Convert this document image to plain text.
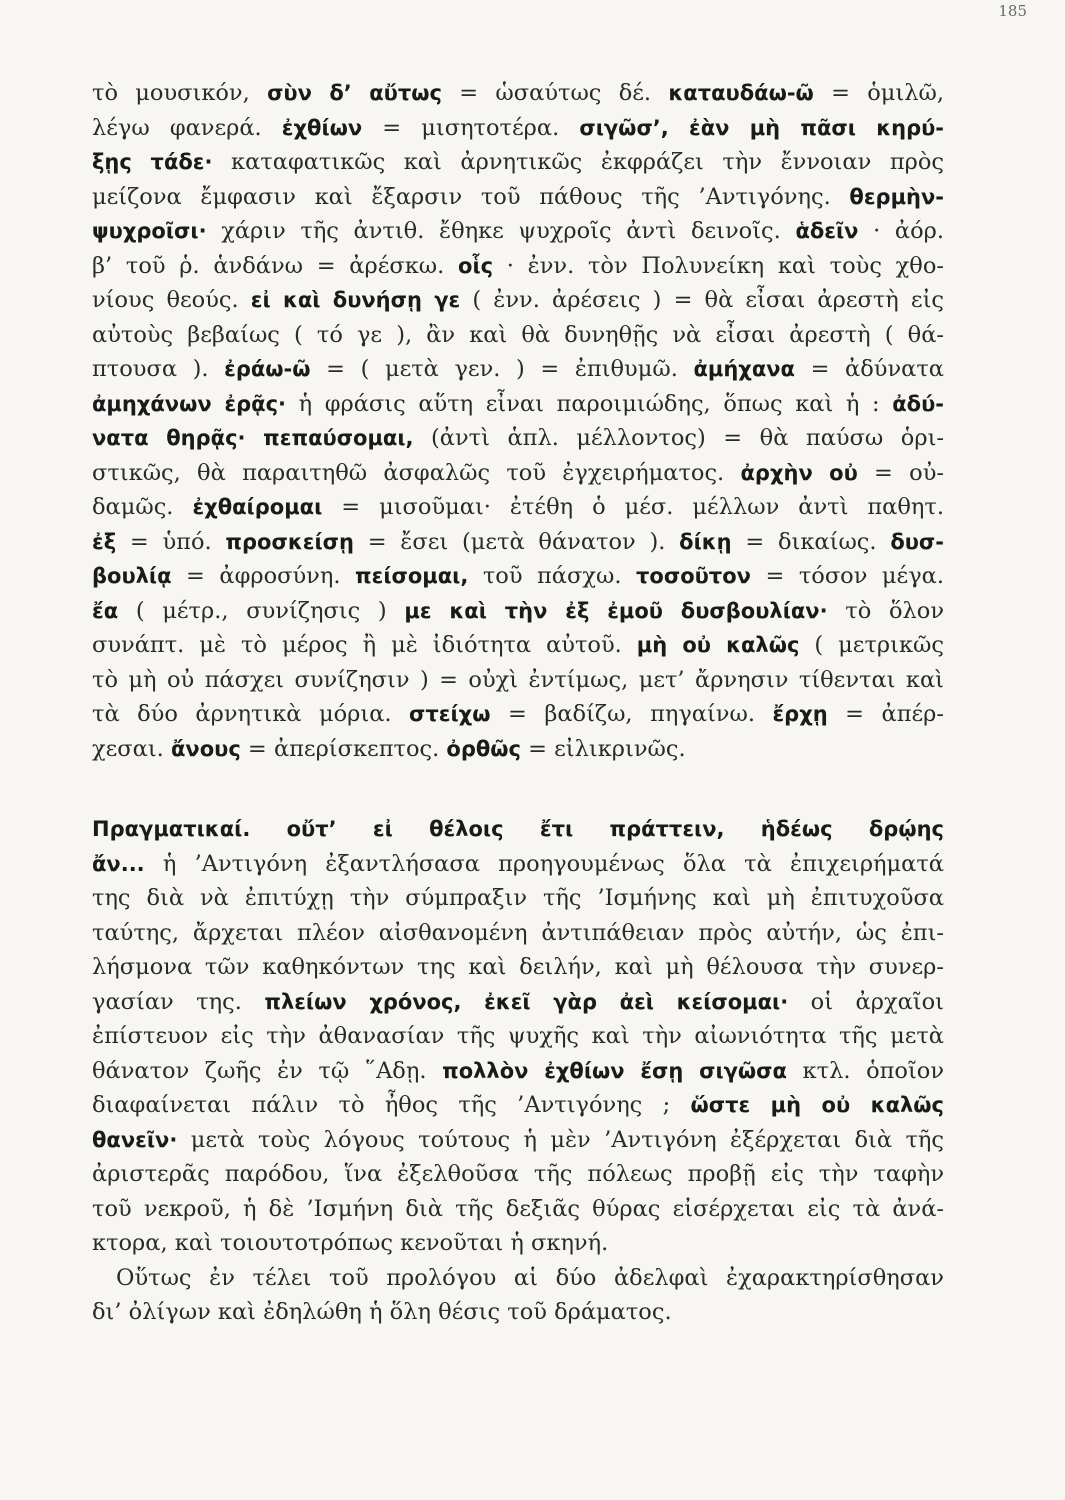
185
τὸ μουσικόν, σὺν δ’ αὔτως = ὡσαύτως δέ. καταυδάω-ῶ = ὁμιλῶ,
λέγω φανερά. ἐχθίων = μισητοτέρα. σιγῶσ’, ἐὰν μὴ πᾶσι κηρύ-
ξῃς τάδε· καταφατικῶς καὶ ἀρνητικῶς ἐκφράζει τὴν ἔννοιαν πρὸς
μείζονα ἔμφασιν καὶ ἔξαρσιν τοῦ πάθους τῆς ’Αντιγόνης. θερμὴν-
ψυχροῖσι· χάριν τῆς ἀντιθ. ἔθηκε ψυχροῖς ἀντὶ δεινοῖς. ἁδεῖν · ἀόρ.
β’ τοῦ ῥ. ἁνδάνω = ἀρέσκω. οἷς · ἐνν. τὸν Πολυνείκη καὶ τοὺς χθο-
νίους θεούς. εἰ καὶ δυνήσῃ γε ( ἐνν. ἀρέσεις ) = θὰ εἶσαι ἀρεστὴ εἰς
αὐτοὺς βεβαίως ( τό γε ), ἂν καὶ θὰ δυνηθῇς νὰ εἶσαι ἀρεστὴ ( θά-
πτουσα ). ἐράω-ῶ = ( μετὰ γεν. ) = ἐπιθυμῶ. ἀμήχανα = ἀδύνατα
ἀμηχάνων ἐρᾷς· ἡ φράσις αὕτη εἶναι παροιμιώδης, ὅπως καὶ ἡ : ἀδύ-
νατα θηρᾷς· πεπαύσομαι, (ἀντὶ ἁπλ. μέλλοντος) = θὰ παύσω ὁρι-
στικῶς, θὰ παραιτηθῶ ἀσφαλῶς τοῦ ἐγχειρήματος. ἀρχὴν οὐ = οὐ-
δαμῶς. ἐχθαίρομαι = μισοῦμαι· ἐτέθη ὁ μέσ. μέλλων ἀντὶ παθητ.
ἐξ = ὑπό. προσκείσῃ = ἔσει (μετὰ θάνατον ). δίκῃ = δικαίως. δυσ-
βουλίᾳ = ἀφροσύνη. πείσομαι, τοῦ πάσχω. τοσοῦτον = τόσον μέγα.
ἔα ( μέτρ., συνίζησις ) με καὶ τὴν ἐξ ἐμοῦ δυσβουλίαν· τὸ ὅλον
συνάπτ. μὲ τὸ μέρος ἢ μὲ ἰδιότητα αὐτοῦ. μὴ οὐ καλῶς ( μετρικῶς
τὸ μὴ οὐ πάσχει συνίζησιν ) = οὐχὶ ἐντίμως, μετ’ ἄρνησιν τίθενται καὶ
τὰ δύο ἀρνητικὰ μόρια. στείχω = βαδίζω, πηγαίνω. ἔρχῃ = ἀπέρ-
χεσαι. ἄνους = ἀπερίσκεπτος. ὀρθῶς = εἰλικρινῶς.
Πραγματικαί. οὔτ’ εἰ θέλοις ἔτι πράττειν, ἡδέως δρῴης
ἄν... ἡ ’Αντιγόνη ἐξαντλήσασα προηγουμένως ὅλα τὰ ἐπιχειρήματά
της διὰ νὰ ἐπιτύχῃ τὴν σύμπραξιν τῆς ’Ισμήνης καὶ μὴ ἐπιτυχοῦσα
ταύτης, ἄρχεται πλέον αἰσθανομένη ἀντιπάθειαν πρὸς αὐτήν, ὡς ἐπι-
λήσμονα τῶν καθηκόντων της καὶ δειλήν, καὶ μὴ θέλουσα τὴν συνερ-
γασίαν της. πλείων χρόνος, ἐκεῖ γὰρ ἀεὶ κείσομαι· οἱ ἀρχαῖοι
ἐπίστευον εἰς τὴν ἀθανασίαν τῆς ψυχῆς καὶ τὴν αἰωνιότητα τῆς μετὰ
θάνατον ζωῆς ἐν τῷ ῞Αδῃ. πολλὸν ἐχθίων ἔσῃ σιγῶσα κτλ. ὁποῖον
διαφαίνεται πάλιν τὸ ἦθος τῆς ’Αντιγόνης ; ὥστε μὴ οὐ καλῶς
θανεῖν· μετὰ τοὺς λόγους τούτους ἡ μὲν ’Αντιγόνη ἐξέρχεται διὰ τῆς
ἀριστερᾶς παρόδου, ἵνα ἐξελθοῦσα τῆς πόλεως προβῇ εἰς τὴν ταφὴν
τοῦ νεκροῦ, ἡ δὲ ’Ισμήνη διὰ τῆς δεξιᾶς θύρας εἰσέρχεται εἰς τὰ ἀνά-
κτορα, καὶ τοιουτοτρόπως κενοῦται ἡ σκηνή.
Οὕτως ἐν τέλει τοῦ προλόγου αἱ δύο ἀδελφαὶ ἐχαρακτηρίσθησαν
δι’ ὀλίγων καὶ ἐδηλώθη ἡ ὅλη θέσις τοῦ δράματος.
